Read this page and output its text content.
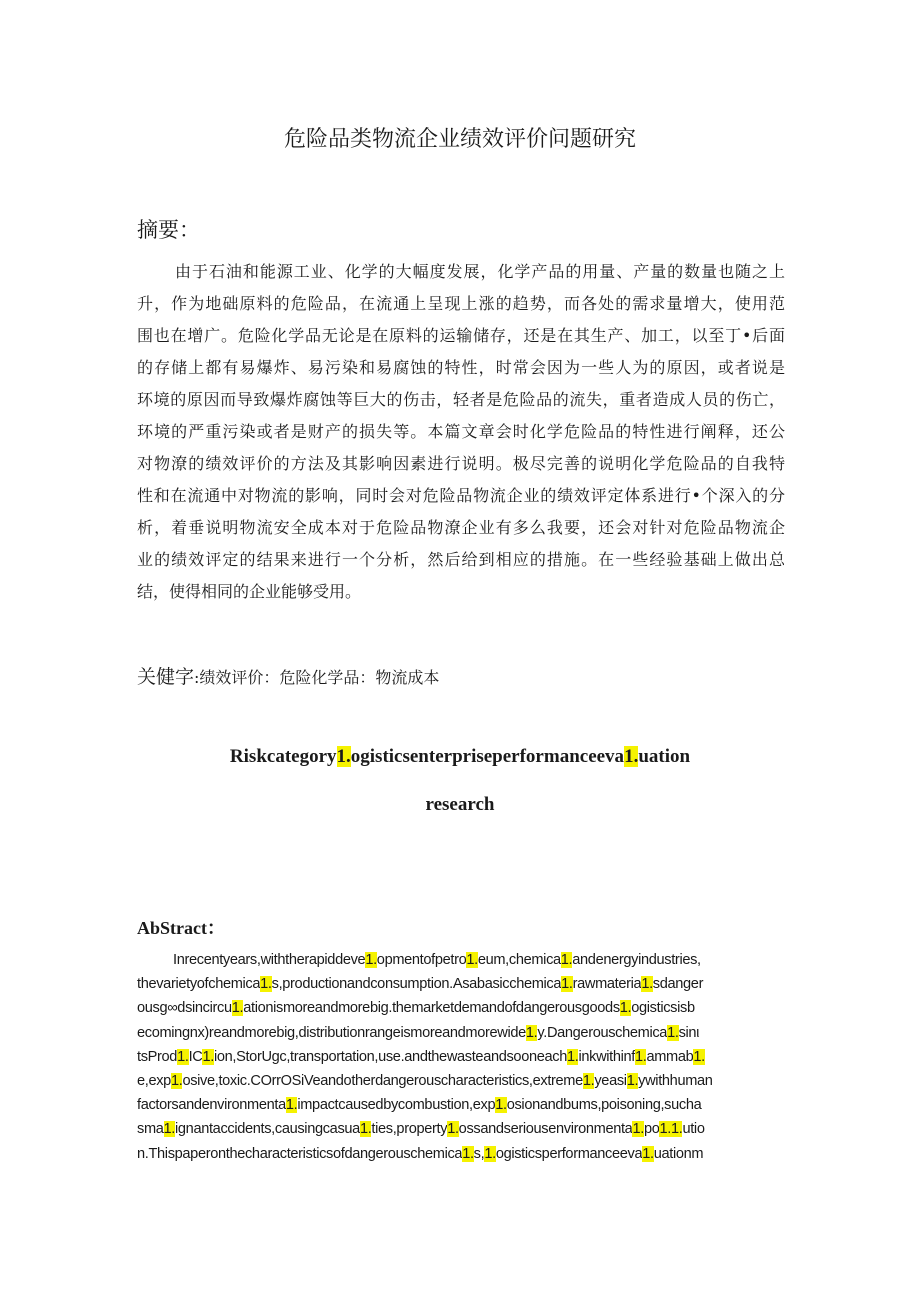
危险品类物流企业绩效评价问题研究
摘要：
由于石油和能源工业、化学的大幅度发展，化学产品的用量、产量的数量也随之上
升，作为地础原料的危险品，在流通上呈现上涨的趋势，而各处的需求量增大，使用范
围也在增广。危险化学品无论是在原料的运输储存，还是在其生产、加工，以至丁•后面
的存储上都有易爆炸、易污染和易腐蚀的特性，时常会因为一些人为的原因，或者说是
环境的原因而导致爆炸腐蚀等巨大的伤击，轻者是危险品的流失，重者造成人员的伤亡，
环境的严重污染或者是财产的损失等。本篇文章会时化学危险品的特性进行阐释，还公
对物潦的绩效评价的方法及其影响因素进行说明。极尽完善的说明化学危险品的自我特
性和在流通中对物流的影响，同时会对危险品物流企业的绩效评定体系进行•个深入的分
析，着垂说明物流安全成本对于危险品物潦企业有多么我要，还会对针对危险品物流企
业的绩效评定的结果来进行一个分析，然后给到相应的措施。在一些经验基础上做出总
结，使得相同的企业能够受用。
关健字:绩效评价：危险化学品：物流成本
Riskcategory1.ogisticsenterpriseperformanceeva1.uation
research
AbStract：
Inrecentyears,withtherapiddeve1.opmentofpetro1.eum,chemica1.andenergyindustries,
thevarietyofchemica1.s,productionandconsumption.Asabasicchemica1.rawmateria1.sdanger
ousg∞dsincircu1.ationismoreandmorebig.themarketdemandofdangerousgoods1.ogisticsisb
ecomingnx)reandmorebig,distributionrangeismoreandmorewide1.y.Dangerouschemica1.sinι
tsProd1.IC1.ion,StorUgc,transportation,use.andthewasteandsooneach1.inkwithinf1.ammab1.
e,exp1.osive,toxic.COrrOSiVeandotherdangerouscharacteristics,extreme1.yeasi1.ywithhuman
factorsandenvironmenta1.impactcausedbycombustion,exp1.osionandbums,poisoning,sucha
sma1.ignantaccidents,causingcasua1.ties,property1.ossandseriousenvironmenta1.po1.1.utio
n.Thispaperonthecharacteristicsofdangerouschemica1.s,1.ogisticsperformanceeva1.uationm
